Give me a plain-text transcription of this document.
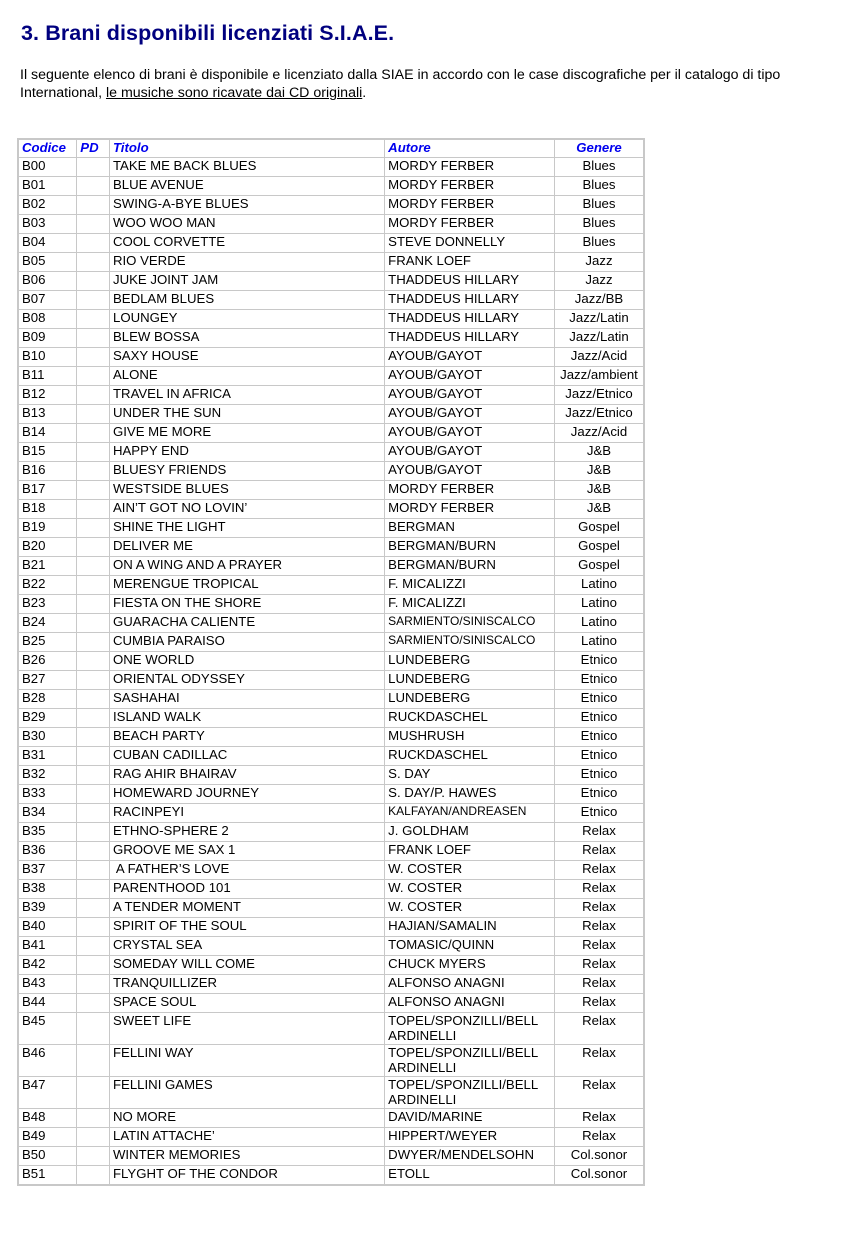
3. Brani disponibili licenziati S.I.A.E.

Il seguente elenco di brani è disponibile e licenziato dalla SIAE in accordo con le case discografiche per il catalogo di tipo International, le musiche sono ricavate dai CD originali.

Codice	PD	Titolo	Autore	Genere
B00		TAKE ME BACK BLUES	MORDY FERBER	Blues
B01		BLUE AVENUE	MORDY FERBER	Blues
B02		SWING-A-BYE BLUES	MORDY FERBER	Blues
B03		WOO WOO MAN	MORDY FERBER	Blues
B04		COOL CORVETTE	STEVE DONNELLY	Blues
B05		RIO VERDE	FRANK LOEF	Jazz
B06		JUKE JOINT JAM	THADDEUS HILLARY	Jazz
B07		BEDLAM BLUES	THADDEUS HILLARY	Jazz/BB
B08		LOUNGEY	THADDEUS HILLARY	Jazz/Latin
B09		BLEW BOSSA	THADDEUS HILLARY	Jazz/Latin
B10		SAXY HOUSE	AYOUB/GAYOT	Jazz/Acid
B11		ALONE	AYOUB/GAYOT	Jazz/ambient
B12		TRAVEL IN AFRICA	AYOUB/GAYOT	Jazz/Etnico
B13		UNDER THE SUN	AYOUB/GAYOT	Jazz/Etnico
B14		GIVE ME MORE	AYOUB/GAYOT	Jazz/Acid
B15		HAPPY END	AYOUB/GAYOT	J&B
B16		BLUESY FRIENDS	AYOUB/GAYOT	J&B
B17		WESTSIDE BLUES	MORDY FERBER	J&B
B18		AIN’T GOT NO LOVIN’	MORDY FERBER	J&B
B19		SHINE THE LIGHT	BERGMAN	Gospel
B20		DELIVER ME	BERGMAN/BURN	Gospel
B21		ON A WING AND A PRAYER	BERGMAN/BURN	Gospel
B22		MERENGUE TROPICAL	F. MICALIZZI	Latino
B23		FIESTA ON THE SHORE	F. MICALIZZI	Latino
B24		GUARACHA CALIENTE	SARMIENTO/SINISCALCO	Latino
B25		CUMBIA PARAISO	SARMIENTO/SINISCALCO	Latino
B26		ONE WORLD	LUNDEBERG	Etnico
B27		ORIENTAL ODYSSEY	LUNDEBERG	Etnico
B28		SASHAHAI	LUNDEBERG	Etnico
B29		ISLAND WALK	RUCKDASCHEL	Etnico
B30		BEACH PARTY	MUSHRUSH	Etnico
B31		CUBAN CADILLAC	RUCKDASCHEL	Etnico
B32		RAG AHIR BHAIRAV	S. DAY	Etnico
B33		HOMEWARD JOURNEY	S. DAY/P. HAWES	Etnico
B34		RACINPEYI	KALFAYAN/ANDREASEN	Etnico
B35		ETHNO-SPHERE 2	J. GOLDHAM	Relax
B36		GROOVE ME SAX 1	FRANK LOEF	Relax
B37		A FATHER’S LOVE	W. COSTER	Relax
B38		PARENTHOOD 101	W. COSTER	Relax
B39		A TENDER MOMENT	W. COSTER	Relax
B40		SPIRIT OF THE SOUL	HAJIAN/SAMALIN	Relax
B41		CRYSTAL SEA	TOMASIC/QUINN	Relax
B42		SOMEDAY WILL COME	CHUCK MYERS	Relax
B43		TRANQUILLIZER	ALFONSO ANAGNI	Relax
B44		SPACE SOUL	ALFONSO ANAGNI	Relax
B45		SWEET LIFE	TOPEL/SPONZILLI/BELL ARDINELLI	Relax
B46		FELLINI WAY	TOPEL/SPONZILLI/BELL ARDINELLI	Relax
B47		FELLINI GAMES	TOPEL/SPONZILLI/BELL ARDINELLI	Relax
B48		NO MORE	DAVID/MARINE	Relax
B49		LATIN ATTACHE’	HIPPERT/WEYER	Relax
B50		WINTER MEMORIES	DWYER/MENDELSOHN	Col.sonor
B51		FLYGHT OF THE CONDOR	ETOLL	Col.sonor
